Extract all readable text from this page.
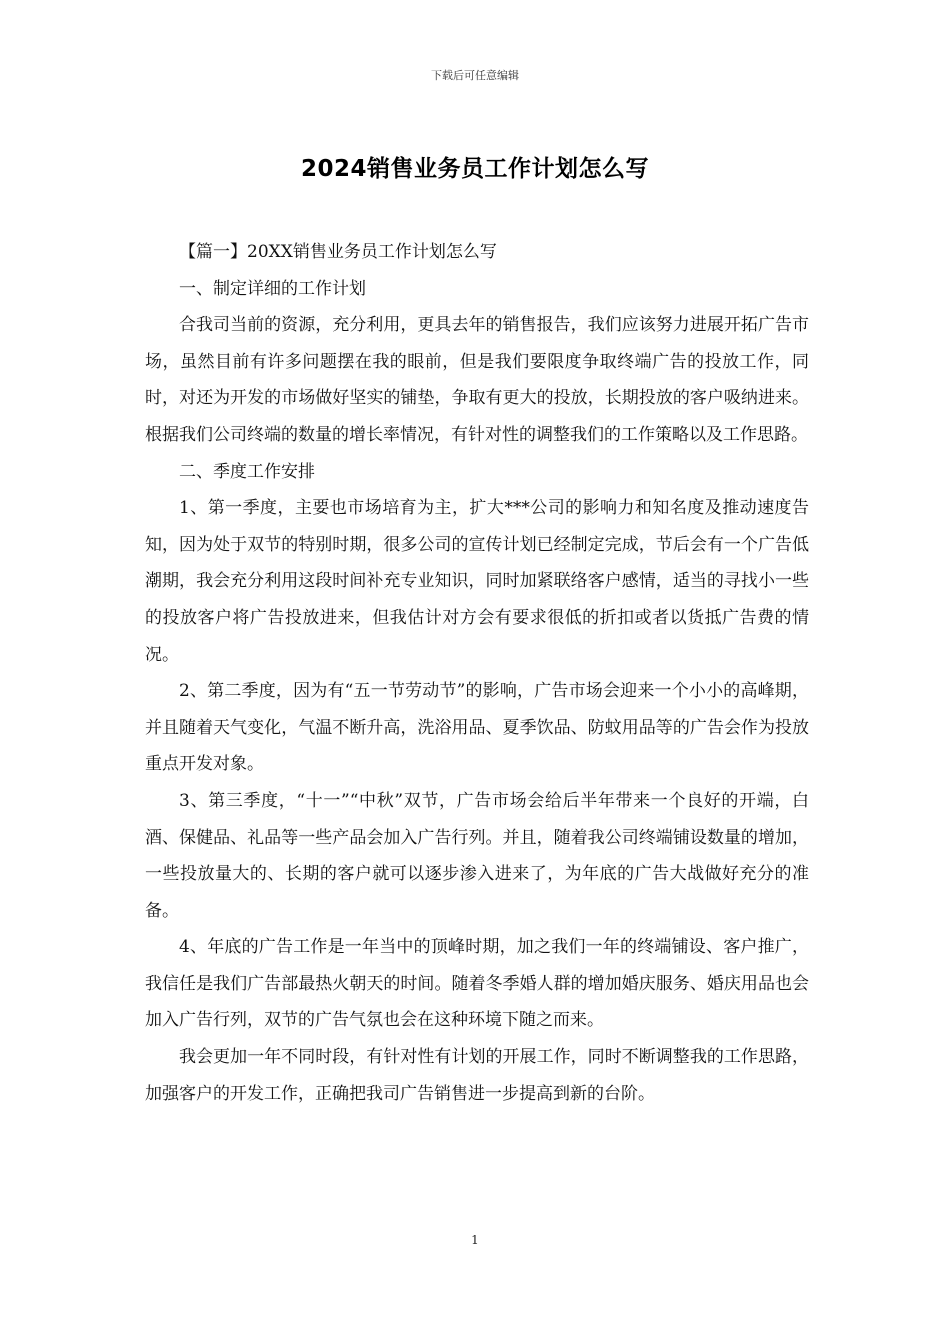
下载后可任意编辑
2024销售业务员工作计划怎么写

【篇一】20XX销售业务员工作计划怎么写

一、制定详细的工作计划

合我司当前的资源，充分利用，更具去年的销售报告，我们应该努力进展开拓广告市场，虽然目前有许多问题摆在我的眼前，但是我们要限度争取终端广告的投放工作，同时，对还为开发的市场做好坚实的铺垫，争取有更大的投放，长期投放的客户吸纳进来。根据我们公司终端的数量的增长率情况，有针对性的调整我们的工作策略以及工作思路。

二、季度工作安排

1、第一季度，主要也市场培育为主，扩大***公司的影响力和知名度及推动速度告知，因为处于双节的特别时期，很多公司的宣传计划已经制定完成，节后会有一个广告低潮期，我会充分利用这段时间补充专业知识，同时加紧联络客户感情，适当的寻找小一些的投放客户将广告投放进来，但我估计对方会有要求很低的折扣或者以货抵广告费的情况。

2、第二季度，因为有“五一节劳动节”的影响，广告市场会迎来一个小小的高峰期，并且随着天气变化，气温不断升高，洗浴用品、夏季饮品、防蚊用品等的广告会作为投放重点开发对象。

3、第三季度，“十一”“中秋”双节，广告市场会给后半年带来一个良好的开端，白酒、保健品、礼品等一些产品会加入广告行列。并且，随着我公司终端铺设数量的增加，一些投放量大的、长期的客户就可以逐步渗入进来了，为年底的广告大战做好充分的准备。

4、年底的广告工作是一年当中的顶峰时期，加之我们一年的终端铺设、客户推广，我信任是我们广告部最热火朝天的时间。随着冬季婚人群的增加婚庆服务、婚庆用品也会加入广告行列，双节的广告气氛也会在这种环境下随之而来。

我会更加一年不同时段，有针对性有计划的开展工作，同时不断调整我的工作思路，加强客户的开发工作，正确把我司广告销售进一步提高到新的台阶。

1
